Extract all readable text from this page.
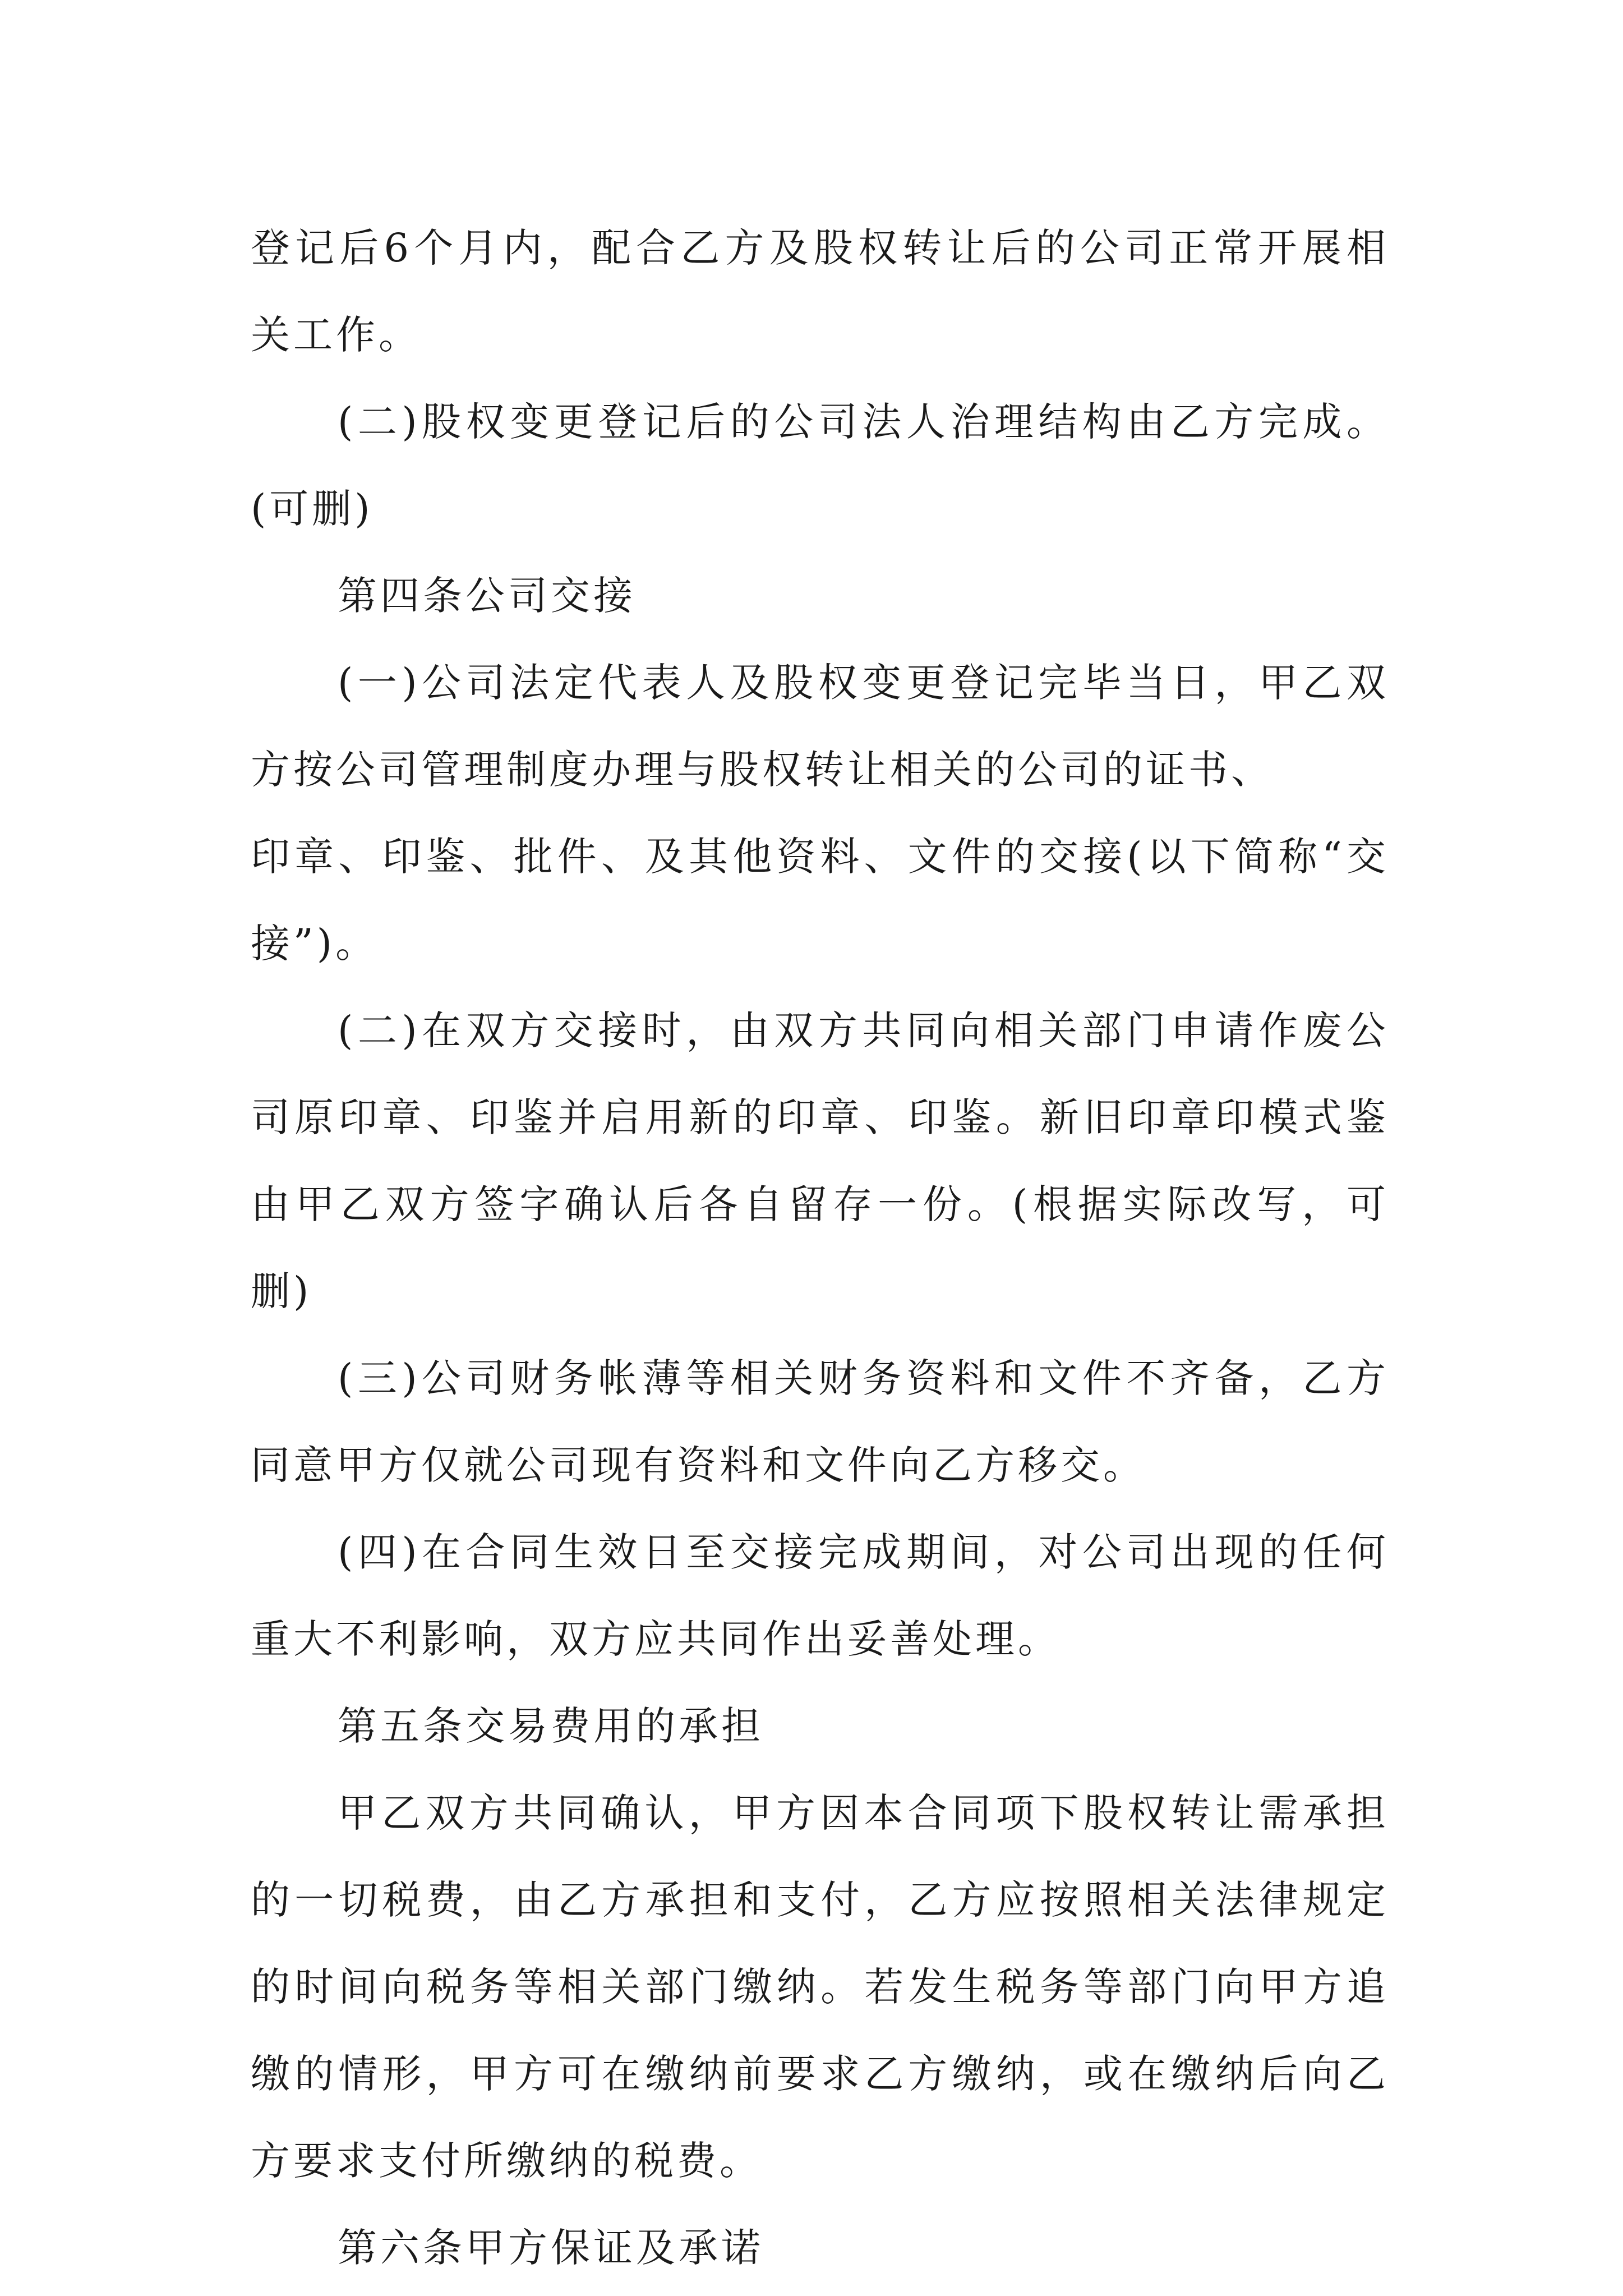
登记后6个月内，配合乙方及股权转让后的公司正常开展相
关工作。
(二)股权变更登记后的公司法人治理结构由乙方完成。
(可删)
第四条公司交接
(一)公司法定代表人及股权变更登记完毕当日，甲乙双
方按公司管理制度办理与股权转让相关的公司的证书、
印章、印鉴、批件、及其他资料、文件的交接(以下简称“交
接”)。
(二)在双方交接时，由双方共同向相关部门申请作废公
司原印章、印鉴并启用新的印章、印鉴。新旧印章印模式鉴
由甲乙双方签字确认后各自留存一份。(根据实际改写，可
删)
(三)公司财务帐薄等相关财务资料和文件不齐备，乙方
同意甲方仅就公司现有资料和文件向乙方移交。
(四)在合同生效日至交接完成期间，对公司出现的任何
重大不利影响，双方应共同作出妥善处理。
第五条交易费用的承担
甲乙双方共同确认，甲方因本合同项下股权转让需承担
的一切税费，由乙方承担和支付，乙方应按照相关法律规定
的时间向税务等相关部门缴纳。若发生税务等部门向甲方追
缴的情形，甲方可在缴纳前要求乙方缴纳，或在缴纳后向乙
方要求支付所缴纳的税费。
第六条甲方保证及承诺
